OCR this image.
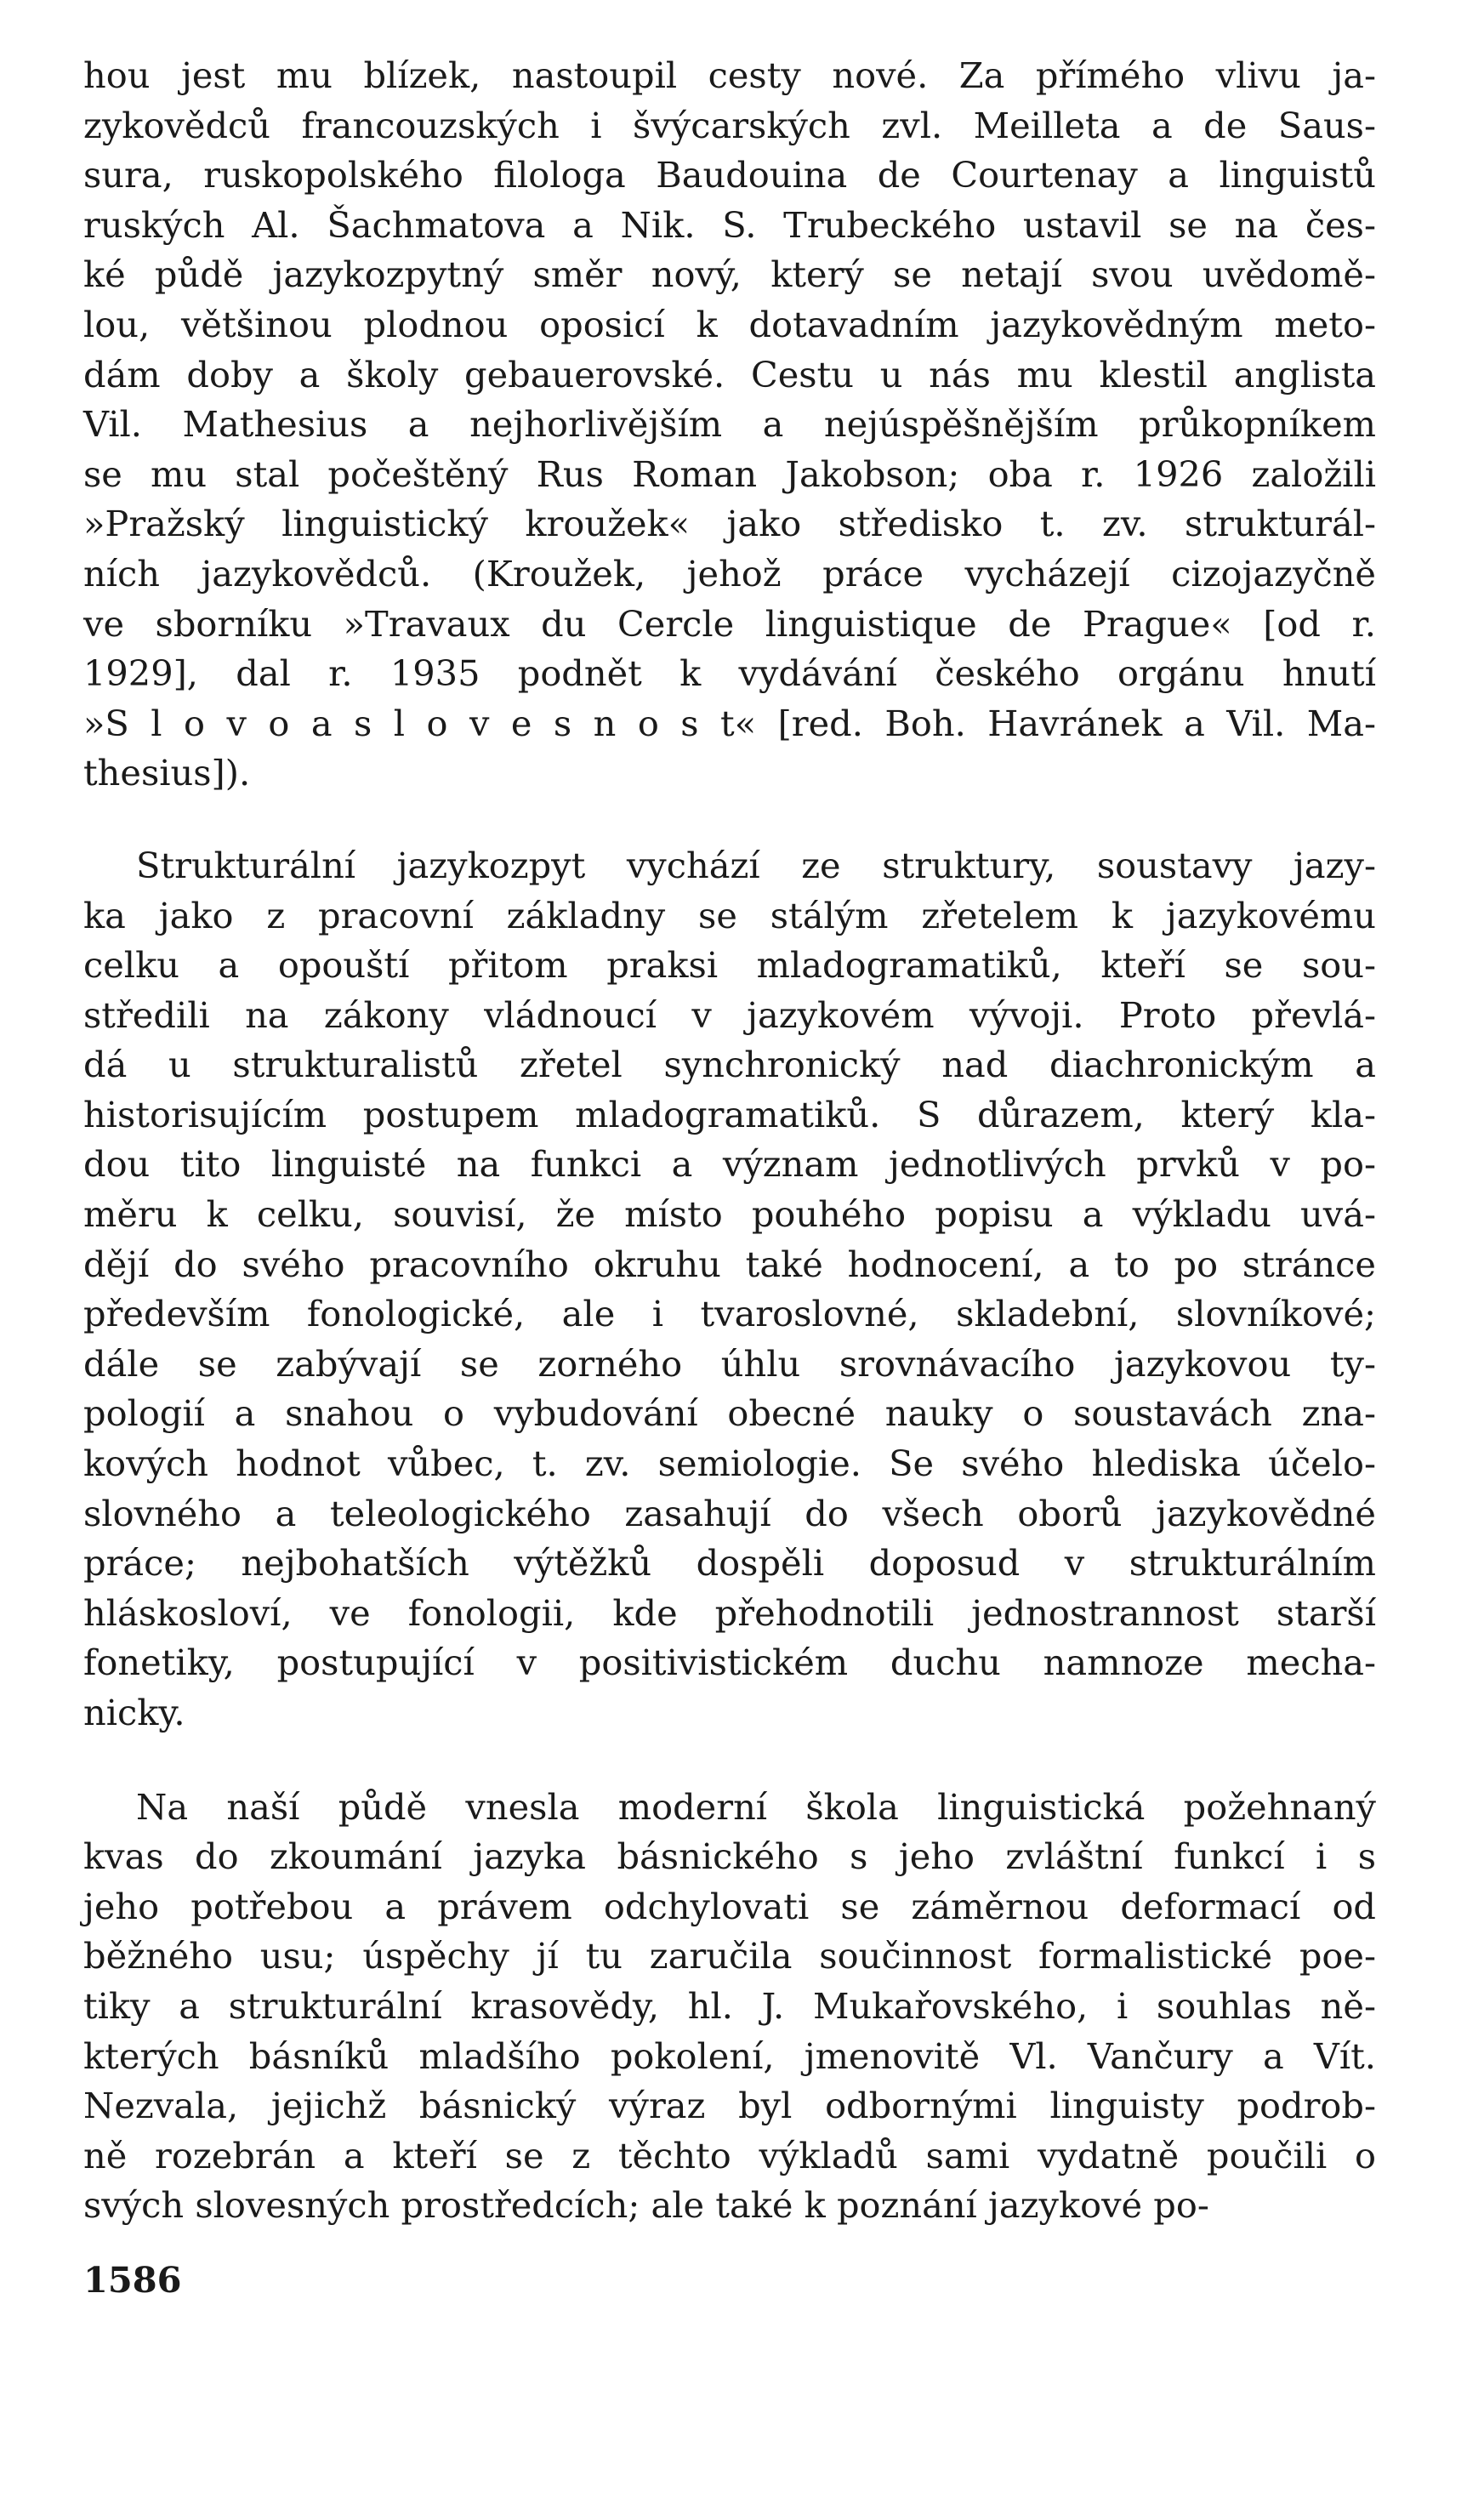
hou jest mu blízek, nastoupil cesty nové. Za přímého vlivu ja-
zykovědců francouzských i švýcarských zvl. Meilleta a de Saus-
sura, ruskopolského filologa Baudouina de Courtenay a linguistů
ruských Al. Šachmatova a Nik. S. Trubeckého ustavil se na čes-
ké půdě jazykozpytný směr nový, který se netají svou uvědomě-
lou, většinou plodnou oposicí k dotavadním jazykovědným meto-
dám doby a školy gebauerovské. Cestu u nás mu klestil anglista
Vil. Mathesius a nejhorlivějším a nejúspěšnějším průkopníkem
se mu stal počeštěný Rus Roman Jakobson; oba r. 1926 založili
»Pražský linguistický kroužek« jako středisko t. zv. strukturál-
ních jazykovědců. (Kroužek, jehož práce vycházejí cizojazyčně
ve sborníku »Travaux du Cercle linguistique de Prague« [od r.
1929], dal r. 1935 podnět k vydávání českého orgánu hnutí
»S l o v o a s l o v e s n o s t« [red. Boh. Havránek a Vil. Ma-
thesius]).
Strukturální jazykozpyt vychází ze struktury, soustavy jazy-
ka jako z pracovní základny se stálým zřetelem k jazykovému
celku a opouští přitom praksi mladogramatiků, kteří se sou-
středili na zákony vládnoucí v jazykovém vývoji. Proto převlá-
dá u strukturalistů zřetel synchronický nad diachronickým a
historisujícím postupem mladogramatiků. S důrazem, který kla-
dou tito linguisté na funkci a význam jednotlivých prvků v po-
měru k celku, souvisí, že místo pouhého popisu a výkladu uvá-
dějí do svého pracovního okruhu také hodnocení, a to po stránce
především fonologické, ale i tvaroslovné, skladební, slovníkové;
dále se zabývají se zorného úhlu srovnávacího jazykovou ty-
pologií a snahou o vybudování obecné nauky o soustavách zna-
kových hodnot vůbec, t. zv. semiologie. Se svého hlediska účelo-
slovného a teleologického zasahují do všech oborů jazykovědné
práce; nejbohatších výtěžků dospěli doposud v strukturálním
hláskosloví, ve fonologii, kde přehodnotili jednostrannost starší
fonetiky, postupující v positivistickém duchu namnoze mecha-
nicky.
Na naší půdě vnesla moderní škola linguistická požehnaný
kvas do zkoumání jazyka básnického s jeho zvláštní funkcí i s
jeho potřebou a právem odchylovati se záměrnou deformací od
běžného usu; úspěchy jí tu zaručila součinnost formalistické poe-
tiky a strukturální krasovědy, hl. J. Mukařovského, i souhlas ně-
kterých básníků mladšího pokolení, jmenovitě Vl. Vančury a Vít.
Nezvala, jejichž básnický výraz byl odbornými linguisty podrob-
ně rozebrán a kteří se z těchto výkladů sami vydatně poučili o
svých slovesných prostředcích; ale také k poznání jazykové po-
1586
